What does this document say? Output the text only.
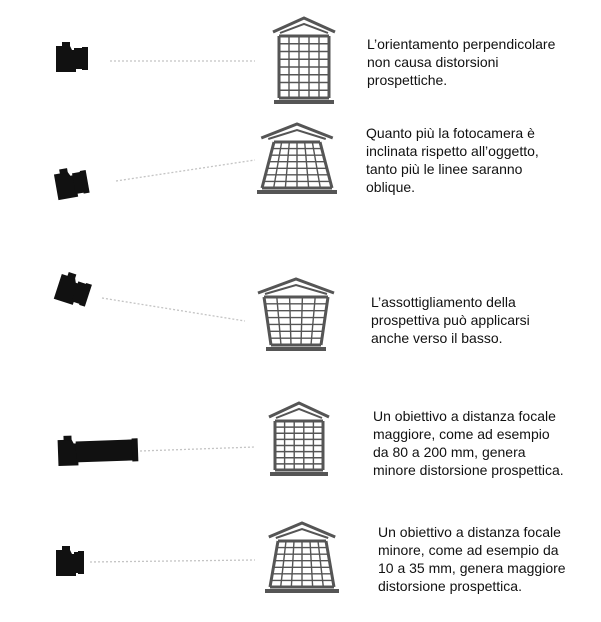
L’orientamento perpendicolare
non causa distorsioni
prospettiche.

Quanto più la fotocamera è
inclinata rispetto all’oggetto,
tanto più le linee saranno
oblique.

L’assottigliamento della
prospettiva può applicarsi
anche verso il basso.

Un obiettivo a distanza focale
maggiore, come ad esempio
da 80 a 200 mm, genera
minore distorsione prospettica.

Un obiettivo a distanza focale
minore, come ad esempio da
10 a 35 mm, genera maggiore
distorsione prospettica.
